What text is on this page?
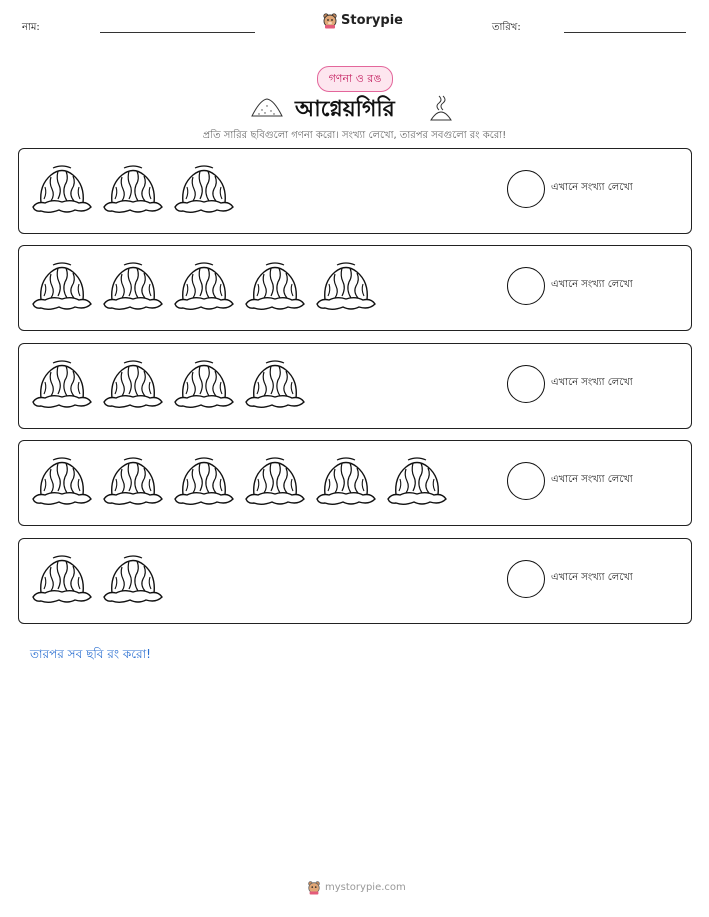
নাম:	Storypie	তারিখ:
গণনা ও রঙ
আগ্নেয়গিরি
প্রতি সারির ছবিগুলো গণনা করো। সংখ্যা লেখো, তারপর সবগুলো রং করো!
এখানে সংখ্যা লেখো
এখানে সংখ্যা লেখো
এখানে সংখ্যা লেখো
এখানে সংখ্যা লেখো
এখানে সংখ্যা লেখো
তারপর সব ছবি রং করো!
mystorypie.com
